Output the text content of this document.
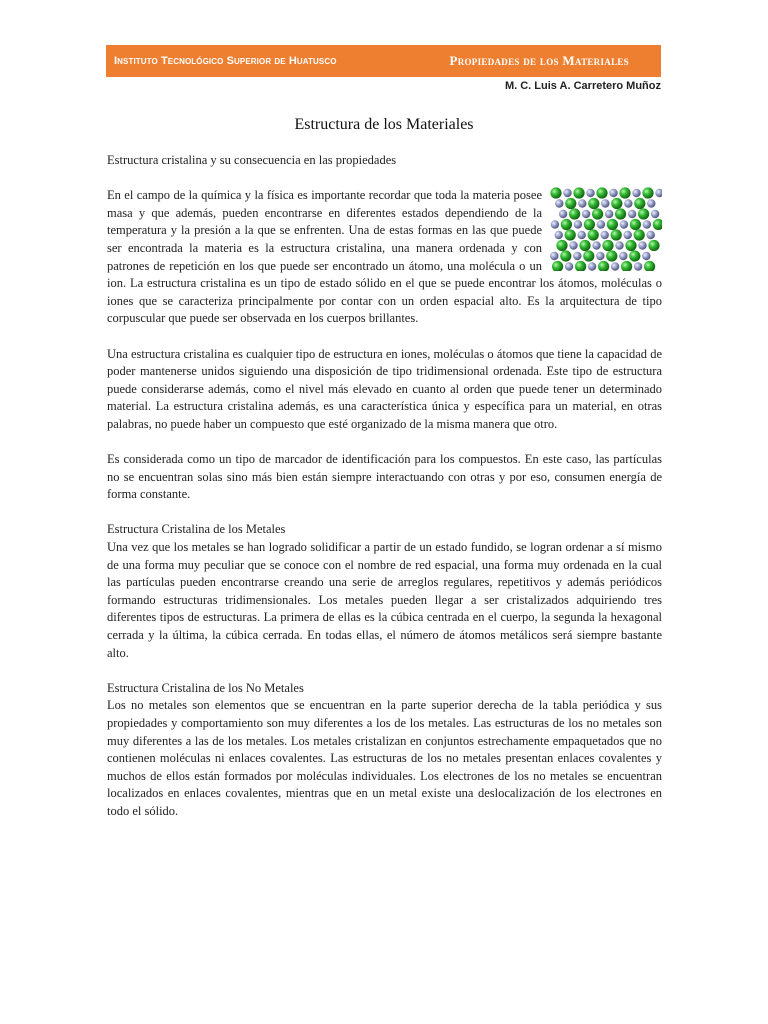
Instituto Tecnológico Superior de Huatusco	Propiedades de los Materiales
M. C. Luis A. Carretero Muñoz
Estructura de los Materiales

Estructura cristalina y su consecuencia en las propiedades

En el campo de la química y la física es importante recordar que toda la materia posee masa y que además, pueden encontrarse en diferentes estados dependiendo de la temperatura y la presión a la que se enfrenten. Una de estas formas en las que puede ser encontrada la materia es la estructura cristalina, una manera ordenada y con patrones de repetición en los que puede ser encontrado un átomo, una molécula o un ion. La estructura cristalina es un tipo de estado sólido en el que se puede encontrar los átomos, moléculas o iones que se caracteriza principalmente por contar con un orden espacial alto. Es la arquitectura de tipo corpuscular que puede ser observada en los cuerpos brillantes.

Una estructura cristalina es cualquier tipo de estructura en iones, moléculas o átomos que tiene la capacidad de poder mantenerse unidos siguiendo una disposición de tipo tridimensional ordenada. Este tipo de estructura puede considerarse además, como el nivel más elevado en cuanto al orden que puede tener un determinado material. La estructura cristalina además, es una característica única y específica para un material, en otras palabras, no puede haber un compuesto que esté organizado de la misma manera que otro.

Es considerada como un tipo de marcador de identificación para los compuestos. En este caso, las partículas no se encuentran solas sino más bien están siempre interactuando con otras y por eso, consumen energía de forma constante.

Estructura Cristalina de los Metales

Una vez que los metales se han logrado solidificar a partir de un estado fundido, se logran ordenar a sí mismo de una forma muy peculiar que se conoce con el nombre de red espacial, una forma muy ordenada en la cual las partículas pueden encontrarse creando una serie de arreglos regulares, repetitivos y además periódicos formando estructuras tridimensionales. Los metales pueden llegar a ser cristalizados adquiriendo tres diferentes tipos de estructuras. La primera de ellas es la cúbica centrada en el cuerpo, la segunda la hexagonal cerrada y la última, la cúbica cerrada. En todas ellas, el número de átomos metálicos será siempre bastante alto.

Estructura Cristalina de los No Metales

Los no metales son elementos que se encuentran en la parte superior derecha de la tabla periódica y sus propiedades y comportamiento son muy diferentes a los de los metales. Las estructuras de los no metales son muy diferentes a las de los metales. Los metales cristalizan en conjuntos estrechamente empaquetados que no contienen moléculas ni enlaces covalentes. Las estructuras de los no metales presentan enlaces covalentes y muchos de ellos están formados por moléculas individuales. Los electrones de los no metales se encuentran localizados en enlaces covalentes, mientras que en un metal existe una deslocalización de los electrones en todo el sólido.
